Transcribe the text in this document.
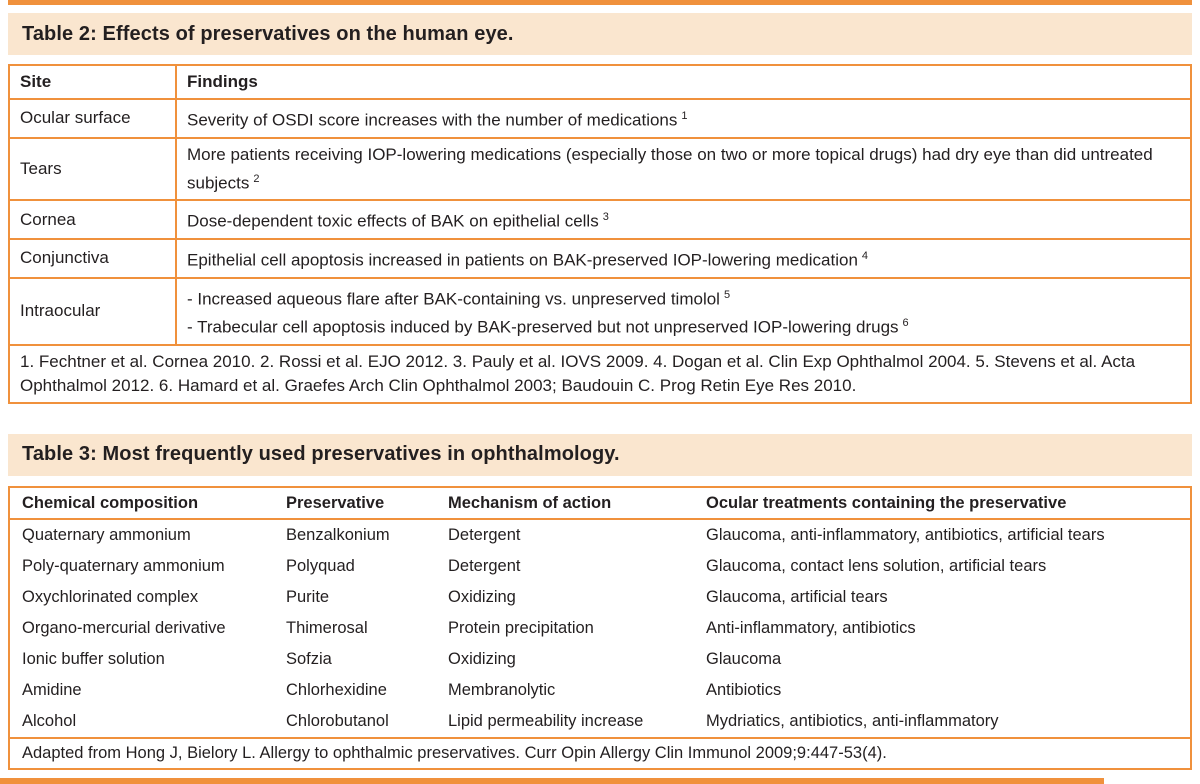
Table 2: Effects of preservatives on the human eye.
Site	Findings
Ocular surface	Severity of OSDI score increases with the number of medications $^1$

Tears	More patients receiving IOP-lowering medications (especially those on two or more topical drugs) had dry eye than did untreated subjects $^2$

Cornea	Dose-dependent toxic effects of BAK on epithelial cells $^3$

Conjunctiva	Epithelial cell apoptosis increased in patients on BAK-preserved IOP-lowering medication $^4$

Intraocular	- Increased aqueous flare after BAK-containing vs. unpreserved timolol $^5$
- Trabecular cell apoptosis induced by BAK-preserved but not unpreserved IOP-lowering drugs $^6$

1. Fechtner et al. Cornea 2010. 2. Rossi et al. EJO 2012. 3. Pauly et al. IOVS 2009. 4. Dogan et al. Clin Exp Ophthalmol 2004. 5. Stevens et al. Acta Ophthalmol 2012. 6. Hamard et al. Graefes Arch Clin Ophthalmol 2003; Baudouin C. Prog Retin Eye Res 2010.	
Table 3: Most frequently used preservatives in ophthalmology.
Chemical composition	Preservative	Mechanism of action	Ocular treatments containing the preservative
Quaternary ammonium	Benzalkonium	Detergent	Glaucoma, anti-inflammatory, antibiotics, artificial tears
Poly-quaternary ammonium	Polyquad	Detergent	Glaucoma, contact lens solution, artificial tears
Oxychlorinated complex	Purite	Oxidizing	Glaucoma, artificial tears
Organo-mercurial derivative	Thimerosal	Protein precipitation	Anti-inflammatory, antibiotics
Ionic buffer solution	Sofzia	Oxidizing	Glaucoma
Amidine	Chlorhexidine	Membranolytic	Antibiotics
Alcohol	Chlorobutanol	Lipid permeability increase	Mydriatics, antibiotics, anti-inflammatory
Adapted from Hong J, Bielory L. Allergy to ophthalmic preservatives. Curr Opin Allergy Clin Immunol 2009;9:447-53(4).			
